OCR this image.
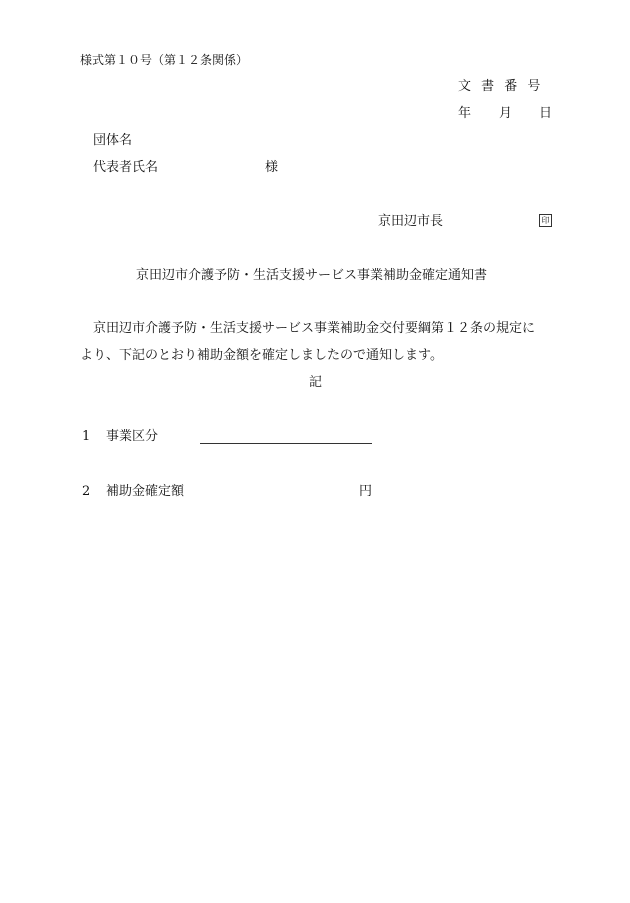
様式第１０号（第１２条関係）
文 書 番 号
年 月 日
団体名
代表者氏名	様
京田辺市長	印
京田辺市介護予防・生活支援サービス事業補助金確定通知書
京田辺市介護予防・生活支援サービス事業補助金交付要綱第１２条の規定に
より、下記のとおり補助金額を確定しましたので通知します。
記
1 事業区分
2 補助金確定額	円
